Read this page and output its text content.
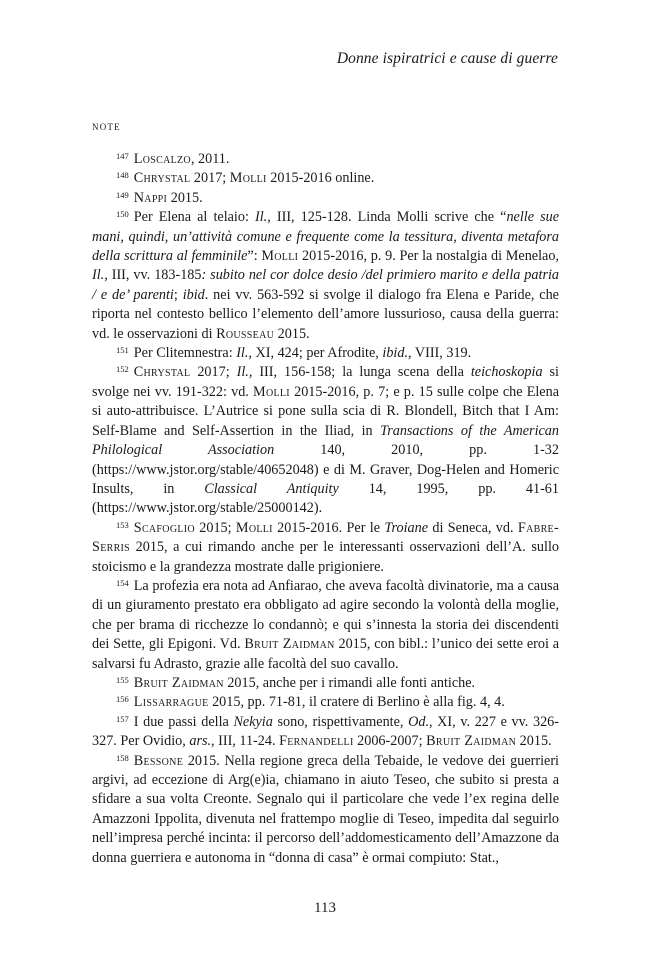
Donne ispiratrici e cause di guerre
note

$^{147}$ Loscalzo, 2011.

$^{148}$ Chrystal 2017; Molli 2015-2016 online.

$^{149}$ Nappi 2015.

$^{150}$ Per Elena al telaio: Il., III, 125-128. Linda Molli scrive che “nelle sue mani, quindi, un’attività comune e frequente come la tessitura, diventa metafora della scrittura al femminile”: Molli 2015-2016, p. 9. Per la nostalgia di Menelao, Il., III, vv. 183-185: subito nel cor dolce desio /del primiero marito e della patria / e de’ parenti; ibid. nei vv. 563-592 si svolge il dialogo fra Elena e Paride, che riporta nel contesto bellico l’elemento dell’amore lussurioso, causa della guerra: vd. le osservazioni di Rousseau 2015.

$^{151}$ Per Clitemnestra: Il., XI, 424; per Afrodite, ibid., VIII, 319.

$^{152}$ Chrystal 2017; Il., III, 156-158; la lunga scena della teichoskopia si svolge nei vv. 191-322: vd. Molli 2015-2016, p. 7; e p. 15 sulle colpe che Elena si auto-attribuisce. L’Autrice si pone sulla scia di R. Blondell, Bitch that I Am: Self-Blame and Self-Assertion in the Iliad, in Transactions of the American Philological Association 140, 2010, pp. 1-32 (https://www.jstor.org/stable/40652048) e di M. Graver, Dog-Helen and Homeric Insults, in Classical Antiquity 14, 1995, pp. 41-61 (https://www.jstor.org/stable/25000142).

$^{153}$ Scafoglio 2015; Molli 2015-2016. Per le Troiane di Seneca, vd. Fabre-Serris 2015, a cui rimando anche per le interessanti osservazioni dell’A. sullo stoicismo e la grandezza mostrate dalle prigioniere.

$^{154}$ La profezia era nota ad Anfiarao, che aveva facoltà divinatorie, ma a causa di un giuramento prestato era obbligato ad agire secondo la volontà della moglie, che per brama di ricchezze lo condannò; e qui s’innesta la storia dei discendenti dei Sette, gli Epigoni. Vd. Bruit Zaidman 2015, con bibl.: l’unico dei sette eroi a salvarsi fu Adrasto, grazie alle facoltà del suo cavallo.

$^{155}$ Bruit Zaidman 2015, anche per i rimandi alle fonti antiche.

$^{156}$ Lissarrague 2015, pp. 71-81, il cratere di Berlino è alla fig. 4, 4.

$^{157}$ I due passi della Nekyia sono, rispettivamente, Od., XI, v. 227 e vv. 326-327. Per Ovidio, ars., III, 11-24. Fernandelli 2006-2007; Bruit Zaidman 2015.

$^{158}$ Bessone 2015. Nella regione greca della Tebaide, le vedove dei guerrieri argivi, ad eccezione di Arg(e)ia, chiamano in aiuto Teseo, che subito si presta a sfidare a sua volta Creonte. Segnalo qui il particolare che vede l’ex regina delle Amazzoni Ippolita, divenuta nel frattempo moglie di Teseo, impedita dal seguirlo nell’impresa perché incinta: il percorso dell’addomesticamento dell’Amazzone da donna guerriera e autonoma in “donna di casa” è ormai compiuto: Stat.,

113
